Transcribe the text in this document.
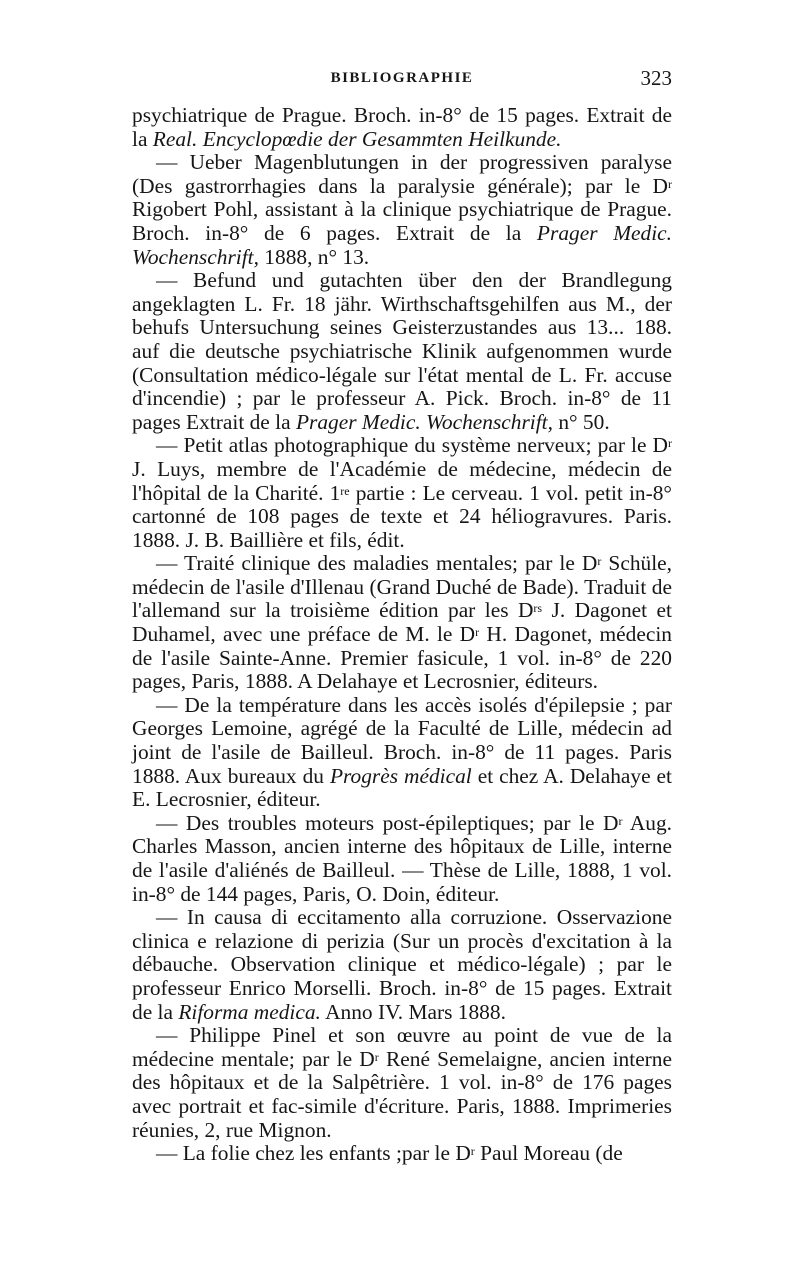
BIBLIOGRAPHIE	323

psychiatrique de Prague. Broch. in-8° de 15 pages. Extrait de la Real. Encyclopœdie der Gesammten Heilkunde.

— Ueber Magenblutungen in der progressiven paralyse (Des gastrorrhagies dans la paralysie générale); par le $D^r$ Rigobert Pohl, assistant à la clinique psychiatrique de Prague. Broch. in-8° de 6 pages. Extrait de la Prager Medic. Wochenschrift, 1888, n° 13.

— Befund und gutachten über den der Brandlegung angeklagten L. Fr. 18 jähr. Wirthschaftsgehilfen aus M., der behufs Untersuchung seines Geisterzustandes aus 13... 188. auf die deutsche psychiatrische Klinik aufgenommen wurde (Consultation médico-légale sur l'état mental de L. Fr. accuse d'incendie) ; par le professeur A. Pick. Broch. in-8° de 11 pages Extrait de la Prager Medic. Wochenschrift, n° 50.

— Petit atlas photographique du système nerveux; par le $D^r$ J. Luys, membre de l'Académie de médecine, médecin de l'hôpital de la Charité. 1re partie : Le cerveau. 1 vol. petit in-8° cartonné de 108 pages de texte et 24 héliogravures. Paris. 1888. J. B. Baillière et fils, édit.

— Traité clinique des maladies mentales; par le $D^r$ Schüle, médecin de l'asile d'Illenau (Grand Duché de Bade). Traduit de l'allemand sur la troisième édition par les $D^{rs}$ J. Dagonet et Duhamel, avec une préface de M. le $D^r$ H. Dagonet, médecin de l'asile Sainte-Anne. Premier fasicule, 1 vol. in-8° de 220 pages, Paris, 1888. A Delahaye et Lecrosnier, éditeurs.

— De la température dans les accès isolés d'épilepsie ; par Georges Lemoine, agrégé de la Faculté de Lille, médecin ad joint de l'asile de Bailleul. Broch. in-8° de 11 pages. Paris 1888. Aux bureaux du Progrès médical et chez A. Delahaye et E. Lecrosnier, éditeur.

— Des troubles moteurs post-épileptiques; par le $D^r$ Aug. Charles Masson, ancien interne des hôpitaux de Lille, interne de l'asile d'aliénés de Bailleul. — Thèse de Lille, 1888, 1 vol. in-8° de 144 pages, Paris, O. Doin, éditeur.

— In causa di eccitamento alla corruzione. Osservazione clinica e relazione di perizia (Sur un procès d'excitation à la débauche. Observation clinique et médico-légale) ; par le professeur Enrico Morselli. Broch. in-8° de 15 pages. Extrait de la Riforma medica. Anno IV. Mars 1888.

— Philippe Pinel et son œuvre au point de vue de la médecine mentale; par le $D^r$ René Semelaigne, ancien interne des hôpitaux et de la Salpêtrière. 1 vol. in-8° de 176 pages avec portrait et fac-simile d'écriture. Paris, 1888. Imprimeries réunies, 2, rue Mignon.

— La folie chez les enfants ;par le $D^r$ Paul Moreau (de
